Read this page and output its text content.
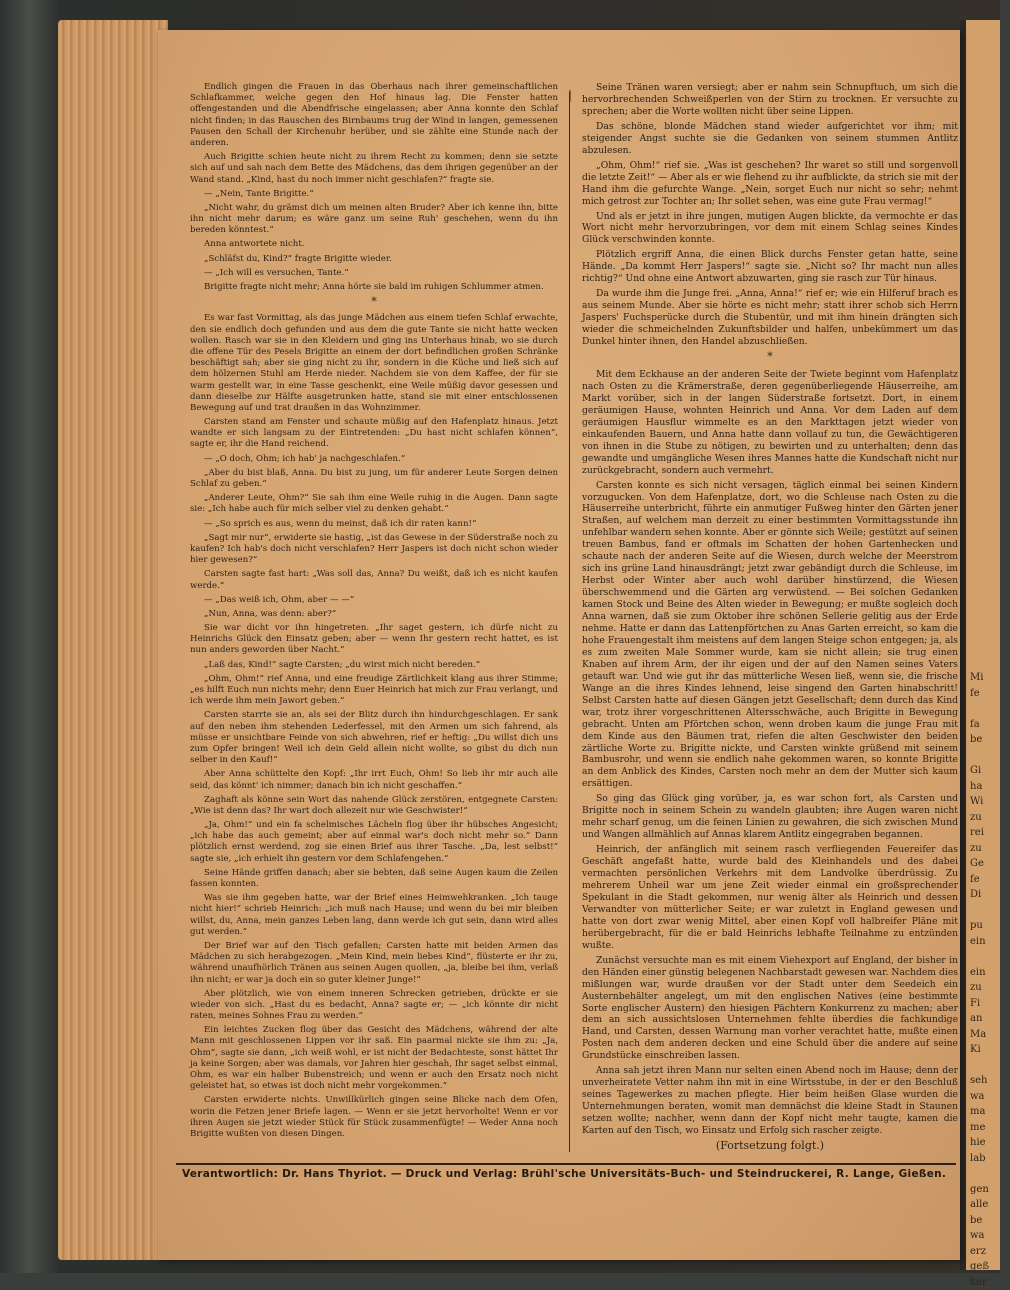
Mi
fe

fa
be

Gi
ha
Wi
zu
rei
zu
Ge
fe
Di

pu
ein

ein
zu
Fi
an
Ma
Ki

seh
wa
ma
me
hie
lab

gen
alle
be
wa
erz
geß
ker

Endlich gingen die Frauen in das Oberhaus nach ihrer gemeinschaftlichen Schlafkammer, welche gegen den Hof hinaus lag. Die Fenster hatten offengestanden und die Abendfrische eingelassen; aber Anna konnte den Schlaf nicht finden; in das Rauschen des Birnbaums trug der Wind in langen, gemessenen Pausen den Schall der Kirchenuhr herüber, und sie zählte eine Stunde nach der anderen.

Auch Brigitte schien heute nicht zu ihrem Recht zu kommen; denn sie setzte sich auf und sah nach dem Bette des Mädchens, das dem ihrigen gegenüber an der Wand stand. „Kind, hast du noch immer nicht geschlafen?“ fragte sie.

— „Nein, Tante Brigitte.“

„Nicht wahr, du grämst dich um meinen alten Bruder? Aber ich kenne ihn, bitte ihn nicht mehr darum; es wäre ganz um seine Ruh' geschehen, wenn du ihn bereden könntest.“

Anna antwortete nicht.

„Schläfst du, Kind?“ fragte Brigitte wieder.

— „Ich will es versuchen, Tante.“

Brigitte fragte nicht mehr; Anna hörte sie bald im ruhigen Schlummer atmen.

*

Es war fast Vormittag, als das junge Mädchen aus einem tiefen Schlaf erwachte, den sie endlich doch gefunden und aus dem die gute Tante sie nicht hatte wecken wollen. Rasch war sie in den Kleidern und ging ins Unterhaus hinab, wo sie durch die offene Tür des Pesels Brigitte an einem der dort befindlichen großen Schränke beschäftigt sah; aber sie ging nicht zu ihr, sondern in die Küche und ließ sich auf dem hölzernen Stuhl am Herde nieder. Nachdem sie von dem Kaffee, der für sie warm gestellt war, in eine Tasse geschenkt, eine Weile müßig davor gesessen und dann dieselbe zur Hälfte ausgetrunken hatte, stand sie mit einer entschlossenen Bewegung auf und trat draußen in das Wohnzimmer.

Carsten stand am Fenster und schaute müßig auf den Hafenplatz hinaus. Jetzt wandte er sich langsam zu der Eintretenden: „Du hast nicht schlafen können“, sagte er, ihr die Hand reichend.

— „O doch, Ohm; ich hab' ja nachgeschlafen.“

„Aber du bist blaß, Anna. Du bist zu jung, um für anderer Leute Sorgen deinen Schlaf zu geben.“

„Anderer Leute, Ohm?“ Sie sah ihm eine Weile ruhig in die Augen. Dann sagte sie: „Ich habe auch für mich selber viel zu denken gehabt.“

— „So sprich es aus, wenn du meinst, daß ich dir raten kann!“

„Sagt mir nur“, erwiderte sie hastig, „ist das Gewese in der Süderstraße noch zu kaufen? Ich hab's doch nicht verschlafen? Herr Jaspers ist doch nicht schon wieder hier gewesen?“

Carsten sagte fast hart: „Was soll das, Anna? Du weißt, daß ich es nicht kaufen werde.“

— „Das weiß ich, Ohm, aber — —“

„Nun, Anna, was denn: aber?“

Sie war dicht vor ihn hingetreten. „Ihr saget gestern, ich dürfe nicht zu Heinrichs Glück den Einsatz geben; aber — wenn Ihr gestern recht hattet, es ist nun anders geworden über Nacht.“

„Laß das, Kind!“ sagte Carsten; „du wirst mich nicht bereden.“

„Ohm, Ohm!“ rief Anna, und eine freudige Zärtlichkeit klang aus ihrer Stimme; „es hilft Euch nun nichts mehr; denn Euer Heinrich hat mich zur Frau verlangt, und ich werde ihm mein Jawort geben.“

Carsten starrte sie an, als sei der Blitz durch ihn hindurchgeschlagen. Er sank auf den neben ihm stehenden Lederfessel, mit den Armen um sich fahrend, als müsse er unsichtbare Feinde von sich abwehren, rief er heftig: „Du willst dich uns zum Opfer bringen! Weil ich dein Geld allein nicht wollte, so gibst du dich nun selber in den Kauf!“

Aber Anna schüttelte den Kopf: „Ihr irrt Euch, Ohm! So lieb ihr mir auch alle seid, das könnt' ich nimmer; danach bin ich nicht geschaffen.“

Zaghaft als könne sein Wort das nahende Glück zerstören, entgegnete Carsten: „Wie ist denn das? Ihr wart doch allezeit nur wie Geschwister!“

„Ja, Ohm!“ und ein fa schelmisches Lächeln flog über ihr hübsches Angesicht; „ich habe das auch gemeint; aber auf einmal war's doch nicht mehr so.“ Dann plötzlich ernst werdend, zog sie einen Brief aus ihrer Tasche. „Da, lest selbst!“ sagte sie, „ich erhielt ihn gestern vor dem Schlafengehen.“

Seine Hände griffen danach; aber sie bebten, daß seine Augen kaum die Zeilen fassen konnten.

Was sie ihm gegeben hatte, war der Brief eines Heimwehkranken. „Ich tauge nicht hier!“ schrieb Heinrich: „ich muß nach Hause; und wenn du bei mir bleiben willst, du, Anna, mein ganzes Leben lang, dann werde ich gut sein, dann wird alles gut werden.“

Der Brief war auf den Tisch gefallen; Carsten hatte mit beiden Armen das Mädchen zu sich herabgezogen. „Mein Kind, mein liebes Kind“, flüsterte er ihr zu, während unaufhörlich Tränen aus seinen Augen quollen, „ja, bleibe bei ihm, verlaß ihn nicht; er war ja doch ein so guter kleiner Junge!“

Aber plötzlich, wie von einem inneren Schrecken getrieben, drückte er sie wieder von sich. „Hast du es bedacht, Anna? sagte er; — „ich könnte dir nicht raten, meines Sohnes Frau zu werden.“

Ein leichtes Zucken flog über das Gesicht des Mädchens, während der alte Mann mit geschlossenen Lippen vor ihr saß. Ein paarmal nickte sie ihm zu: „Ja, Ohm“, sagte sie dann, „ich weiß wohl, er ist nicht der Bedachteste, sonst hättet Ihr ja keine Sorgen; aber was damals, vor Jahren hier geschah, Ihr saget selbst einmal, Ohm, es war ein halber Bubenstreich; und wenn er auch den Ersatz noch nicht geleistet hat, so etwas ist doch nicht mehr vorgekommen.“

Carsten erwiderte nichts. Unwillkürlich gingen seine Blicke nach dem Ofen, worin die Fetzen jener Briefe lagen. — Wenn er sie jetzt hervorholte! Wenn er vor ihren Augen sie jetzt wieder Stück für Stück zusammenfügte! — Weder Anna noch Brigitte wußten von diesen Dingen.

❘

Seine Tränen waren versiegt; aber er nahm sein Schnupftuch, um sich die hervorbrechenden Schweißperlen von der Stirn zu trocknen. Er versuchte zu sprechen; aber die Worte wollten nicht über seine Lippen.

Das schöne, blonde Mädchen stand wieder aufgerichtet vor ihm; mit steigender Angst suchte sie die Gedanken von seinem stummen Antlitz abzulesen.

„Ohm, Ohm!“ rief sie. „Was ist geschehen? Ihr waret so still und sorgenvoll die letzte Zeit!“ — Aber als er wie flehend zu ihr aufblickte, da strich sie mit der Hand ihm die gefurchte Wange. „Nein, sorget Euch nur nicht so sehr; nehmt mich getrost zur Tochter an; Ihr sollet sehen, was eine gute Frau vermag!“

Und als er jetzt in ihre jungen, mutigen Augen blickte, da vermochte er das Wort nicht mehr hervorzubringen, vor dem mit einem Schlag seines Kindes Glück verschwinden konnte.

Plötzlich ergriff Anna, die einen Blick durchs Fenster getan hatte, seine Hände. „Da kommt Herr Jaspers!“ sagte sie. „Nicht so? Ihr macht nun alles richtig?“ Und ohne eine Antwort abzuwarten, ging sie rasch zur Tür hinaus.

Da wurde ihm die Junge frei. „Anna, Anna!“ rief er; wie ein Hilferuf brach es aus seinem Munde. Aber sie hörte es nicht mehr; statt ihrer schob sich Herrn Jaspers' Fuchsperücke durch die Stubentür, und mit ihm hinein drängten sich wieder die schmeichelnden Zukunftsbilder und halfen, unbekümmert um das Dunkel hinter ihnen, den Handel abzuschließen.

*

Mit dem Eckhause an der anderen Seite der Twiete beginnt vom Hafenplatz nach Osten zu die Krämerstraße, deren gegenüberliegende Häuserreihe, am Markt vorüber, sich in der langen Süderstraße fortsetzt. Dort, in einem geräumigen Hause, wohnten Heinrich und Anna. Vor dem Laden auf dem geräumigen Hausflur wimmelte es an den Markttagen jetzt wieder von einkaufenden Bauern, und Anna hatte dann vollauf zu tun, die Gewächtigeren von ihnen in die Stube zu nötigen, zu bewirten und zu unterhalten; denn das gewandte und umgängliche Wesen ihres Mannes hatte die Kundschaft nicht nur zurückgebracht, sondern auch vermehrt.

Carsten konnte es sich nicht versagen, täglich einmal bei seinen Kindern vorzugucken. Von dem Hafenplatze, dort, wo die Schleuse nach Osten zu die Häuserreihe unterbricht, führte ein anmutiger Fußweg hinter den Gärten jener Straßen, auf welchem man derzeit zu einer bestimmten Vormittagsstunde ihn unfehlbar wandern sehen konnte. Aber er gönnte sich Weile; gestützt auf seinen treuen Bambus, fand er oftmals im Schatten der hohen Gartenhecken und schaute nach der anderen Seite auf die Wiesen, durch welche der Meerstrom sich ins grüne Land hinausdrängt; jetzt zwar gebändigt durch die Schleuse, im Herbst oder Winter aber auch wohl darüber hinstürzend, die Wiesen überschwemmend und die Gärten arg verwüstend. — Bei solchen Gedanken kamen Stock und Beine des Alten wieder in Bewegung; er mußte sogleich doch Anna warnen, daß sie zum Oktober ihre schönen Sellerie gelitig aus der Erde nehme. Hatte er dann das Lattenpförtchen zu Anas Garten erreicht, so kam die hohe Frauengestalt ihm meistens auf dem langen Steige schon entgegen; ja, als es zum zweiten Male Sommer wurde, kam sie nicht allein; sie trug einen Knaben auf ihrem Arm, der ihr eigen und der auf den Namen seines Vaters getauft war. Und wie gut ihr das mütterliche Wesen ließ, wenn sie, die frische Wange an die ihres Kindes lehnend, leise singend den Garten hinabschritt! Selbst Carsten hatte auf diesen Gängen jetzt Gesellschaft; denn durch das Kind war, trotz ihrer vorgeschrittenen Altersschwäche, auch Brigitte in Bewegung gebracht. Unten am Pförtchen schon, wenn droben kaum die junge Frau mit dem Kinde aus den Bäumen trat, riefen die alten Geschwister den beiden zärtliche Worte zu. Brigitte nickte, und Carsten winkte grüßend mit seinem Bambusrohr, und wenn sie endlich nahe gekommen waren, so konnte Brigitte an dem Anblick des Kindes, Carsten noch mehr an dem der Mutter sich kaum ersättigen.

So ging das Glück ging vorüber, ja, es war schon fort, als Carsten und Brigitte noch in seinem Schein zu wandeln glaubten; ihre Augen waren nicht mehr scharf genug, um die feinen Linien zu gewahren, die sich zwischen Mund und Wangen allmählich auf Annas klarem Antlitz eingegraben begannen.

Heinrich, der anfänglich mit seinem rasch verfliegenden Feuereifer das Geschäft angefaßt hatte, wurde bald des Kleinhandels und des dabei vermachten persönlichen Verkehrs mit dem Landvolke überdrüssig. Zu mehrerem Unheil war um jene Zeit wieder einmal ein großsprechender Spekulant in die Stadt gekommen, nur wenig älter als Heinrich und dessen Verwandter von mütterlicher Seite; er war zuletzt in England gewesen und hatte von dort zwar wenig Mittel, aber einen Kopf voll halbreifer Pläne mit herübergebracht, für die er bald Heinrichs lebhafte Teilnahme zu entzünden wußte.

Zunächst versuchte man es mit einem Viehexport auf England, der bisher in den Händen einer günstig belegenen Nachbarstadt gewesen war. Nachdem dies mißlungen war, wurde draußen vor der Stadt unter dem Seedeich ein Austernbehälter angelegt, um mit den englischen Natives (eine bestimmte Sorte englischer Austern) den hiesigen Pächtern Konkurrenz zu machen; aber dem an sich aussichtslosen Unternehmen fehlte überdies die fachkundige Hand, und Carsten, dessen Warnung man vorher verachtet hatte, mußte einen Posten nach dem anderen decken und eine Schuld über die andere auf seine Grundstücke einschreiben lassen.

Anna sah jetzt ihren Mann nur selten einen Abend noch im Hause; denn der unverheiratete Vetter nahm ihn mit in eine Wirtsstube, in der er den Beschluß seines Tagewerkes zu machen pflegte. Hier beim heißen Glase wurden die Unternehmungen beraten, womit man demnächst die kleine Stadt in Staunen setzen wollte; nachher, wenn dann der Kopf nicht mehr taugte, kamen die Karten auf den Tisch, wo Einsatz und Erfolg sich rascher zeigte.

(Fortsetzung folgt.)
Verantwortlich: Dr. Hans Thyriot. — Druck und Verlag: Brühl'sche Universitäts-Buch- und Steindruckerei, R. Lange, Gießen.
